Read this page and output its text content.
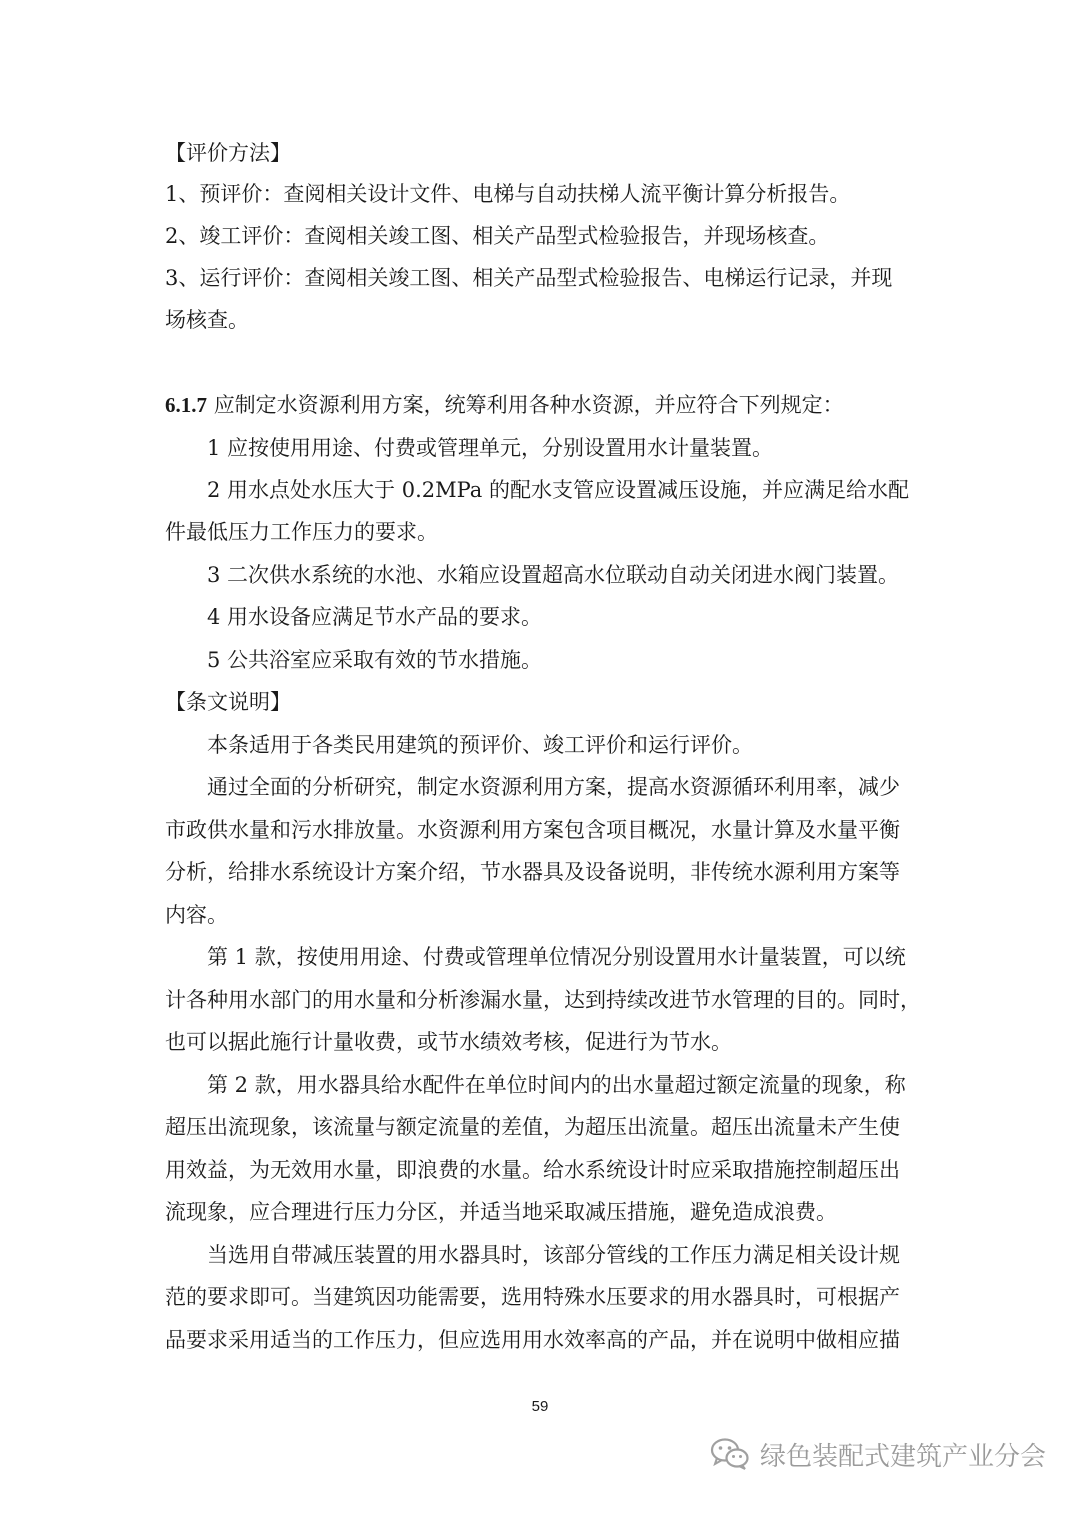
【评价方法】
1、预评价：查阅相关设计文件、电梯与自动扶梯人流平衡计算分析报告。
2、竣工评价：查阅相关竣工图、相关产品型式检验报告，并现场核查。
3、运行评价：查阅相关竣工图、相关产品型式检验报告、电梯运行记录，并现
场核查。
6.1.7 应制定水资源利用方案，统筹利用各种水资源，并应符合下列规定：
1 应按使用用途、付费或管理单元，分别设置用水计量装置。
2 用水点处水压大于 0.2MPa 的配水支管应设置减压设施，并应满足给水配
件最低压力工作压力的要求。
3 二次供水系统的水池、水箱应设置超高水位联动自动关闭进水阀门装置。
4 用水设备应满足节水产品的要求。
5 公共浴室应采取有效的节水措施。
【条文说明】
本条适用于各类民用建筑的预评价、竣工评价和运行评价。
通过全面的分析研究，制定水资源利用方案，提高水资源循环利用率，减少
市政供水量和污水排放量。水资源利用方案包含项目概况，水量计算及水量平衡
分析，给排水系统设计方案介绍，节水器具及设备说明，非传统水源利用方案等
内容。
第 1 款，按使用用途、付费或管理单位情况分别设置用水计量装置，可以统
计各种用水部门的用水量和分析渗漏水量，达到持续改进节水管理的目的。同时，
也可以据此施行计量收费，或节水绩效考核，促进行为节水。
第 2 款，用水器具给水配件在单位时间内的出水量超过额定流量的现象，称
超压出流现象，该流量与额定流量的差值，为超压出流量。超压出流量未产生使
用效益，为无效用水量，即浪费的水量。给水系统设计时应采取措施控制超压出
流现象，应合理进行压力分区，并适当地采取减压措施，避免造成浪费。
当选用自带减压装置的用水器具时，该部分管线的工作压力满足相关设计规
范的要求即可。当建筑因功能需要，选用特殊水压要求的用水器具时，可根据产
品要求采用适当的工作压力，但应选用用水效率高的产品，并在说明中做相应描
59
绿色装配式建筑产业分会
